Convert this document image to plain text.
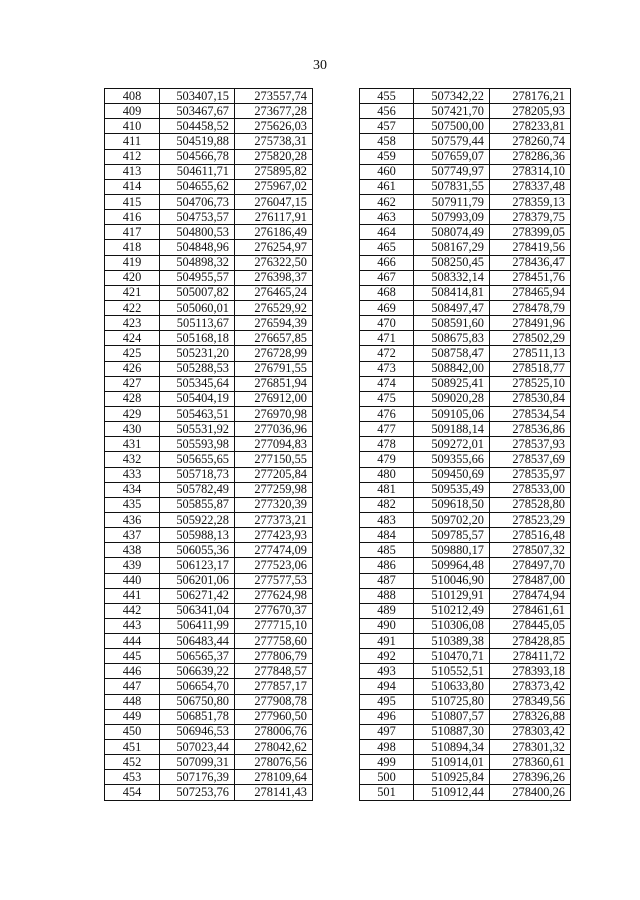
30
408	503407,15	273557,74
409	503467,67	273677,28
410	504458,52	275626,03
411	504519,88	275738,31
412	504566,78	275820,28
413	504611,71	275895,82
414	504655,62	275967,02
415	504706,73	276047,15
416	504753,57	276117,91
417	504800,53	276186,49
418	504848,96	276254,97
419	504898,32	276322,50
420	504955,57	276398,37
421	505007,82	276465,24
422	505060,01	276529,92
423	505113,67	276594,39
424	505168,18	276657,85
425	505231,20	276728,99
426	505288,53	276791,55
427	505345,64	276851,94
428	505404,19	276912,00
429	505463,51	276970,98
430	505531,92	277036,96
431	505593,98	277094,83
432	505655,65	277150,55
433	505718,73	277205,84
434	505782,49	277259,98
435	505855,87	277320,39
436	505922,28	277373,21
437	505988,13	277423,93
438	506055,36	277474,09
439	506123,17	277523,06
440	506201,06	277577,53
441	506271,42	277624,98
442	506341,04	277670,37
443	506411,99	277715,10
444	506483,44	277758,60
445	506565,37	277806,79
446	506639,22	277848,57
447	506654,70	277857,17
448	506750,80	277908,78
449	506851,78	277960,50
450	506946,53	278006,76
451	507023,44	278042,62
452	507099,31	278076,56
453	507176,39	278109,64
454	507253,76	278141,43
455	507342,22	278176,21
456	507421,70	278205,93
457	507500,00	278233,81
458	507579,44	278260,74
459	507659,07	278286,36
460	507749,97	278314,10
461	507831,55	278337,48
462	507911,79	278359,13
463	507993,09	278379,75
464	508074,49	278399,05
465	508167,29	278419,56
466	508250,45	278436,47
467	508332,14	278451,76
468	508414,81	278465,94
469	508497,47	278478,79
470	508591,60	278491,96
471	508675,83	278502,29
472	508758,47	278511,13
473	508842,00	278518,77
474	508925,41	278525,10
475	509020,28	278530,84
476	509105,06	278534,54
477	509188,14	278536,86
478	509272,01	278537,93
479	509355,66	278537,69
480	509450,69	278535,97
481	509535,49	278533,00
482	509618,50	278528,80
483	509702,20	278523,29
484	509785,57	278516,48
485	509880,17	278507,32
486	509964,48	278497,70
487	510046,90	278487,00
488	510129,91	278474,94
489	510212,49	278461,61
490	510306,08	278445,05
491	510389,38	278428,85
492	510470,71	278411,72
493	510552,51	278393,18
494	510633,80	278373,42
495	510725,80	278349,56
496	510807,57	278326,88
497	510887,30	278303,42
498	510894,34	278301,32
499	510914,01	278360,61
500	510925,84	278396,26
501	510912,44	278400,26
